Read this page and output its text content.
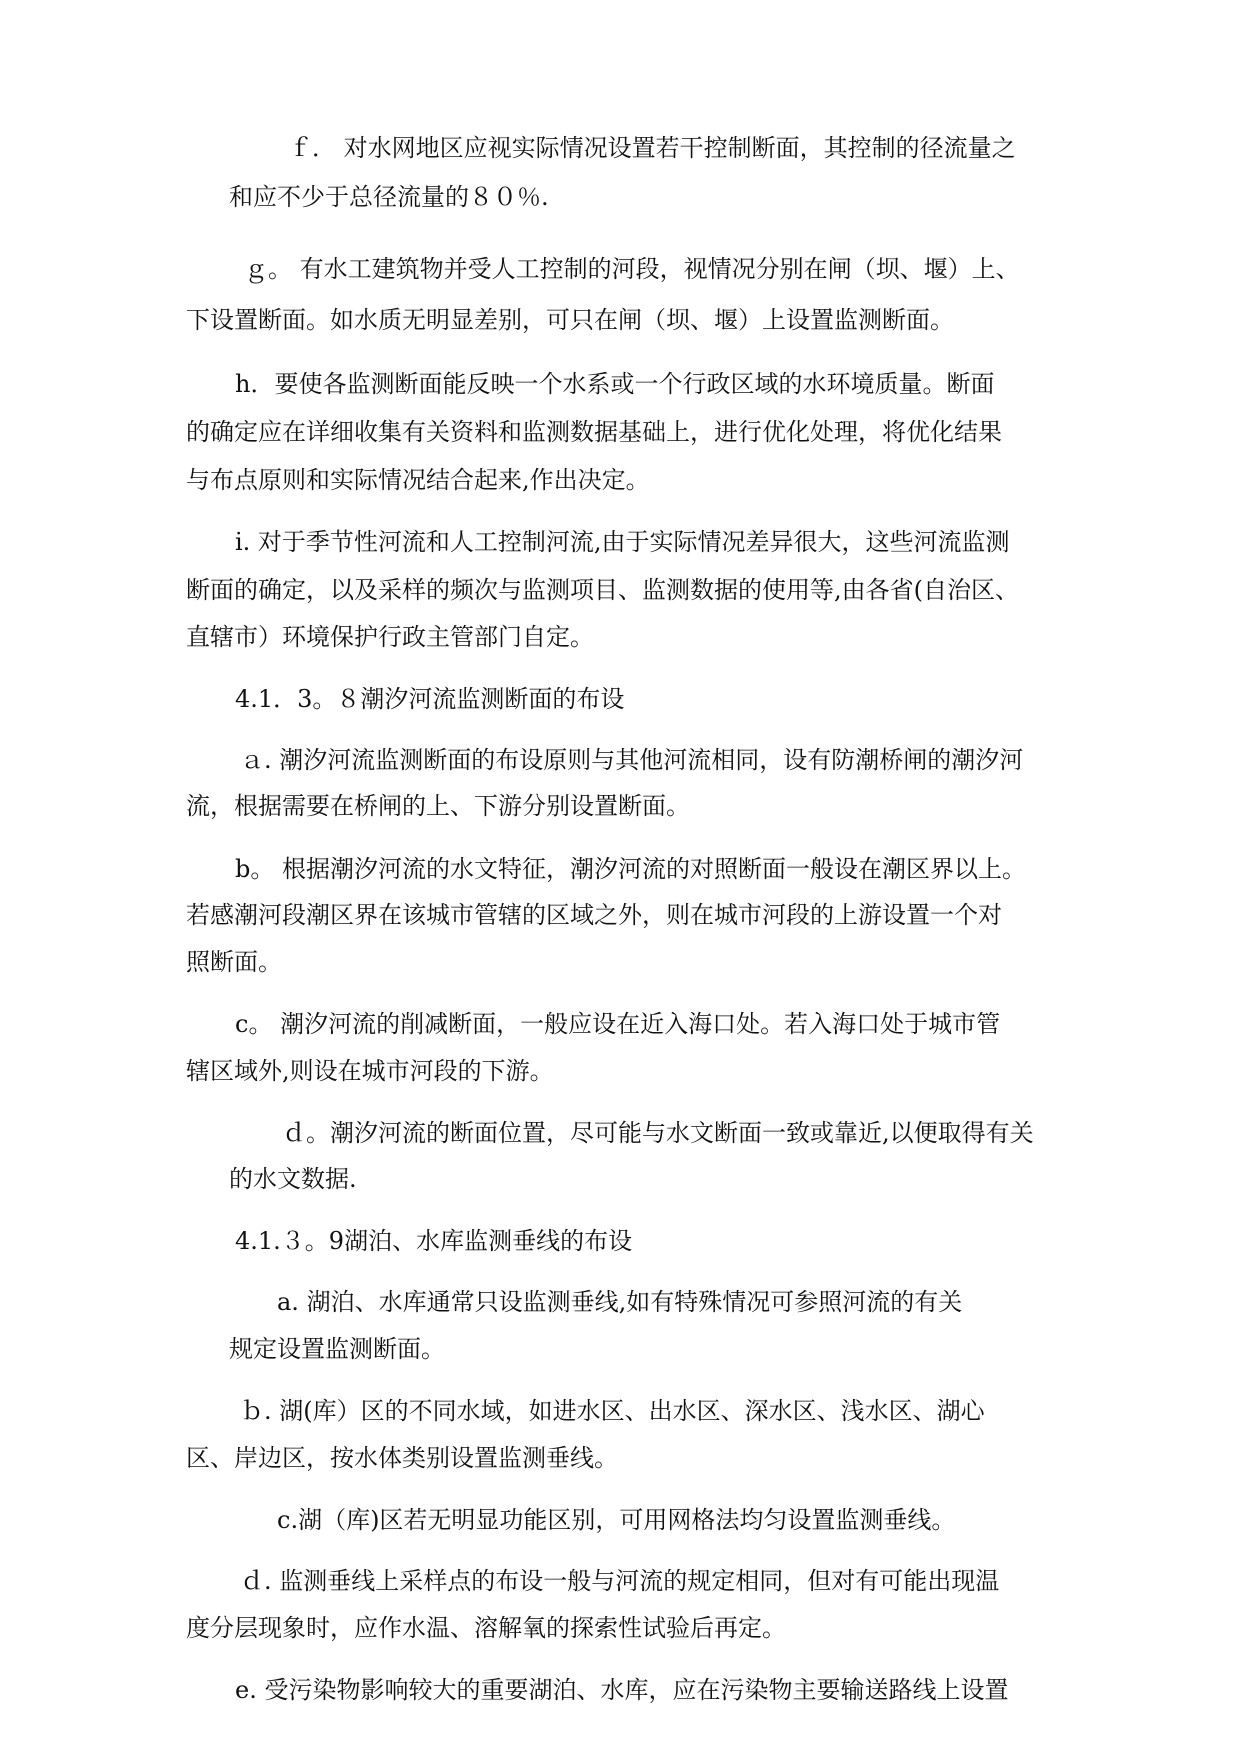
ｆ． 对水网地区应视实际情况设置若干控制断面，其控制的径流量之
和应不少于总径流量的８０％.
ｇ。 有水工建筑物并受人工控制的河段，视情况分别在闸（坝、堰）上、
下设置断面。如水质无明显差别，可只在闸（坝、堰）上设置监测断面。
h．要使各监测断面能反映一个水系或一个行政区域的水环境质量。断面
的确定应在详细收集有关资料和监测数据基础上，进行优化处理，将优化结果
与布点原则和实际情况结合起来,作出决定。
i. 对于季节性河流和人工控制河流,由于实际情况差异很大，这些河流监测
断面的确定，以及采样的频次与监测项目、监测数据的使用等,由各省(自治区、
直辖市）环境保护行政主管部门自定。
4.1．3。８潮汐河流监测断面的布设
ａ. 潮汐河流监测断面的布设原则与其他河流相同，设有防潮桥闸的潮汐河
流，根据需要在桥闸的上、下游分别设置断面。
b。 根据潮汐河流的水文特征，潮汐河流的对照断面一般设在潮区界以上。
若感潮河段潮区界在该城市管辖的区域之外，则在城市河段的上游设置一个对
照断面。
c。 潮汐河流的削减断面，一般应设在近入海口处。若入海口处于城市管
辖区域外,则设在城市河段的下游。
ｄ。潮汐河流的断面位置，尽可能与水文断面一致或靠近,以便取得有关
的水文数据.
4.1.３。9湖泊、水库监测垂线的布设
a. 湖泊、水库通常只设监测垂线,如有特殊情况可参照河流的有关
规定设置监测断面。
ｂ. 湖(库）区的不同水域，如进水区、出水区、深水区、浅水区、湖心
区、岸边区，按水体类别设置监测垂线。
c.湖（库)区若无明显功能区别，可用网格法均匀设置监测垂线。
ｄ. 监测垂线上采样点的布设一般与河流的规定相同，但对有可能出现温
度分层现象时，应作水温、溶解氧的探索性试验后再定。
e. 受污染物影响较大的重要湖泊、水库，应在污染物主要输送路线上设置
